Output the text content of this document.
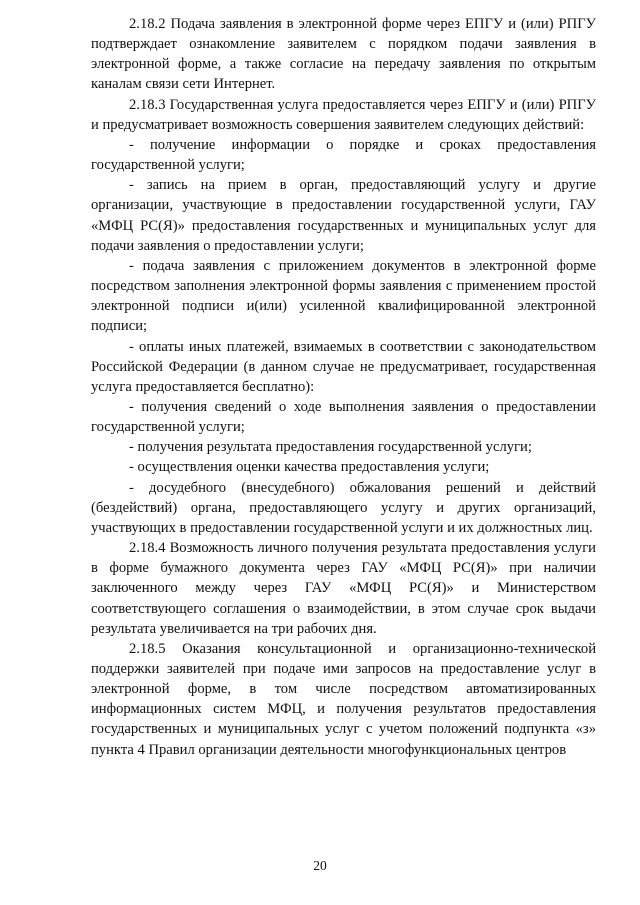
2.18.2 Подача заявления в электронной форме через ЕПГУ и (или) РПГУ подтверждает ознакомление заявителем с порядком подачи заявления в электронной форме, а также согласие на передачу заявления по открытым каналам связи сети Интернет.

2.18.3 Государственная услуга предоставляется через ЕПГУ и (или) РПГУ и предусматривает возможность совершения заявителем следующих действий:

- получение информации о порядке и сроках предоставления государственной услуги;

- запись на прием в орган, предоставляющий услугу и другие организации, участвующие в предоставлении государственной услуги, ГАУ «МФЦ РС(Я)» предоставления государственных и муниципальных услуг для подачи заявления о предоставлении услуги;

- подача заявления с приложением документов в электронной форме посредством заполнения электронной формы заявления с применением простой электронной подписи и(или) усиленной квалифицированной электронной подписи;

- оплаты иных платежей, взимаемых в соответствии с законодательством Российской Федерации (в данном случае не предусматривает, государственная услуга предоставляется бесплатно):

- получения сведений о ходе выполнения заявления о предоставлении государственной услуги;

- получения результата предоставления государственной услуги;

- осуществления оценки качества предоставления услуги;

- досудебного (внесудебного) обжалования решений и действий (бездействий) органа, предоставляющего услугу и других организаций, участвующих в предоставлении государственной услуги и их должностных лиц.

2.18.4 Возможность личного получения результата предоставления услуги в форме бумажного документа через ГАУ «МФЦ РС(Я)» при наличии заключенного между через ГАУ «МФЦ РС(Я)» и Министерством соответствующего соглашения о взаимодействии, в этом случае срок выдачи результата увеличивается на три рабочих дня.

2.18.5 Оказания консультационной и организационно-технической поддержки заявителей при подаче ими запросов на предоставление услуг в электронной форме, в том числе посредством автоматизированных информационных систем МФЦ, и получения результатов предоставления государственных и муниципальных услуг с учетом положений подпункта «з» пункта 4 Правил организации деятельности многофункциональных центров

20
